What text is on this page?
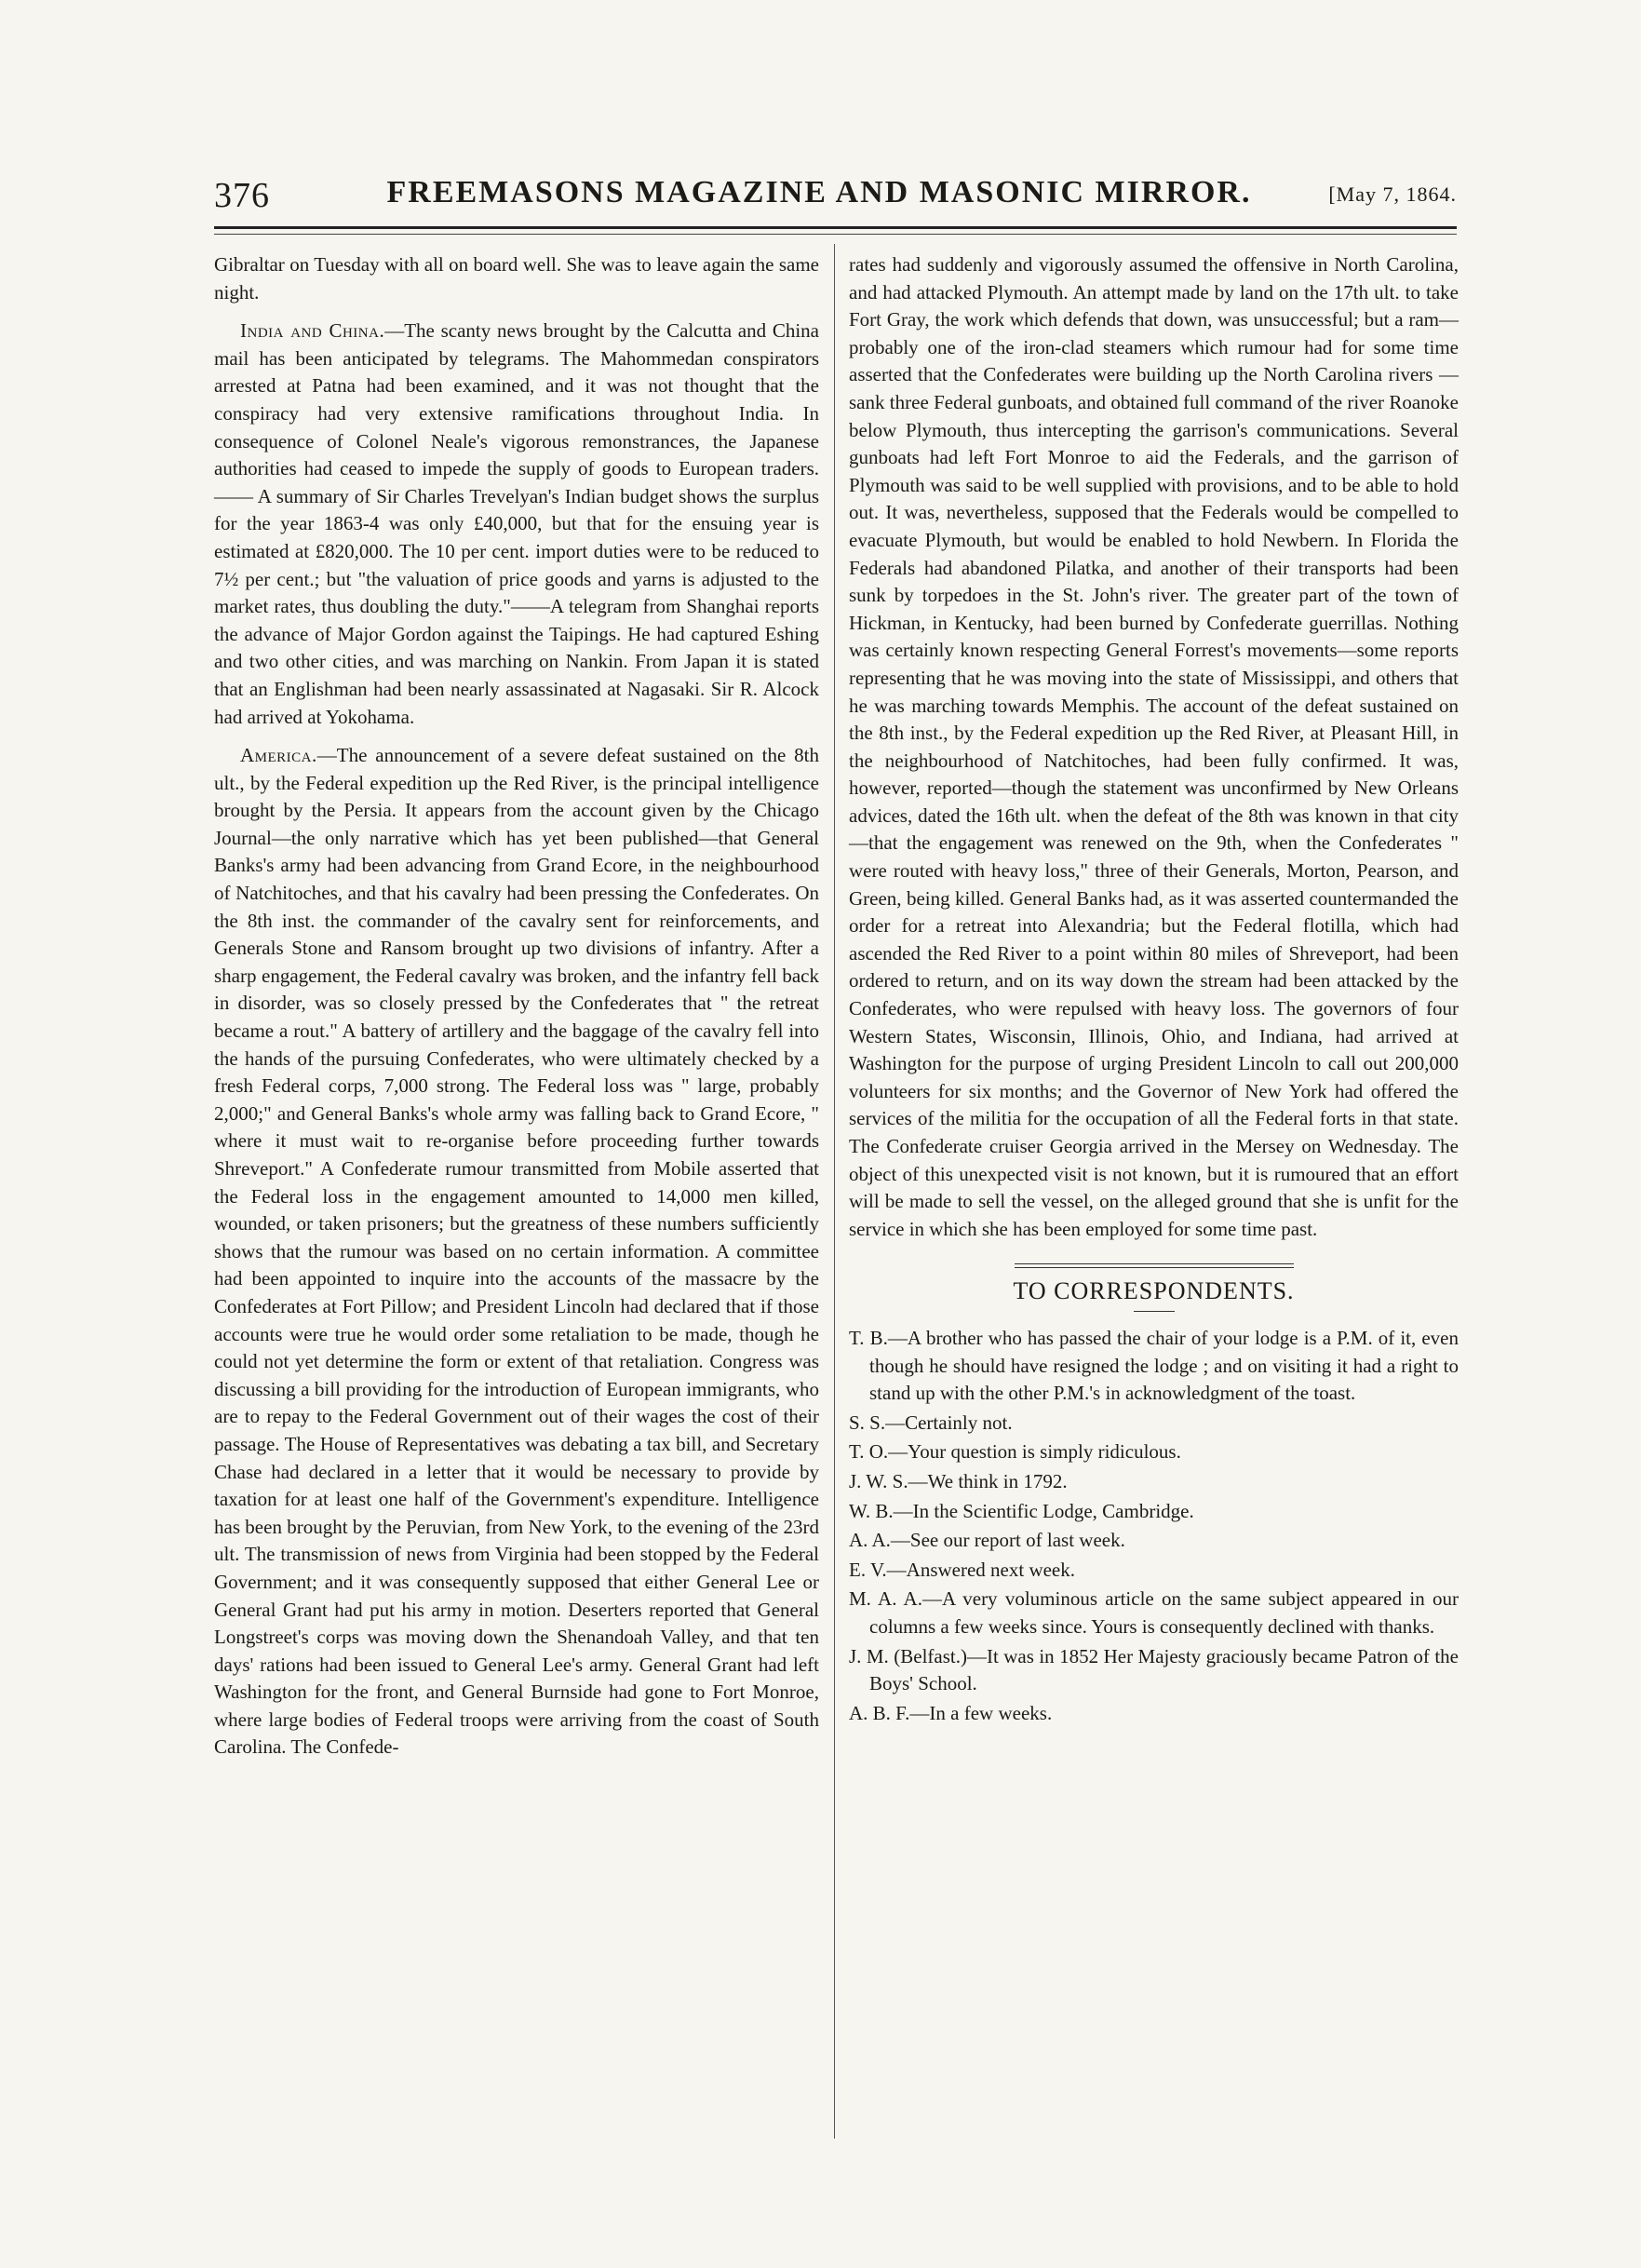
376	FREEMASONS MAGAZINE AND MASONIC MIRROR.	[May 7, 1864.

Gibraltar on Tuesday with all on board well. She was to leave again the same night.

India and China.—The scanty news brought by the Calcutta and China mail has been anticipated by telegrams. The Mahommedan conspirators arrested at Patna had been examined, and it was not thought that the conspiracy had very extensive ramifications throughout India. In consequence of Colonel Neale's vigorous remonstrances, the Japanese authorities had ceased to impede the supply of goods to European traders.—— A summary of Sir Charles Trevelyan's Indian budget shows the surplus for the year 1863-4 was only £40,000, but that for the ensuing year is estimated at £820,000. The 10 per cent. import duties were to be reduced to 7½ per cent.; but "the valuation of price goods and yarns is adjusted to the market rates, thus doubling the duty."——A telegram from Shanghai reports the advance of Major Gordon against the Taipings. He had captured Eshing and two other cities, and was marching on Nankin. From Japan it is stated that an Englishman had been nearly assassinated at Nagasaki. Sir R. Alcock had arrived at Yokohama.

America.—The announcement of a severe defeat sustained on the 8th ult., by the Federal expedition up the Red River, is the principal intelligence brought by the Persia. It appears from the account given by the Chicago Journal—the only narrative which has yet been published—that General Banks's army had been advancing from Grand Ecore, in the neighbourhood of Natchitoches, and that his cavalry had been pressing the Confederates. On the 8th inst. the commander of the cavalry sent for reinforcements, and Generals Stone and Ransom brought up two divisions of infantry. After a sharp engagement, the Federal cavalry was broken, and the infantry fell back in disorder, was so closely pressed by the Confederates that " the retreat became a rout." A battery of artillery and the baggage of the cavalry fell into the hands of the pursuing Confederates, who were ultimately checked by a fresh Federal corps, 7,000 strong. The Federal loss was " large, probably 2,000;" and General Banks's whole army was falling back to Grand Ecore, " where it must wait to re-organise before proceeding further towards Shreveport." A Confederate rumour transmitted from Mobile asserted that the Federal loss in the engagement amounted to 14,000 men killed, wounded, or taken prisoners; but the greatness of these numbers sufficiently shows that the rumour was based on no certain information. A committee had been appointed to inquire into the accounts of the massacre by the Confederates at Fort Pillow; and President Lincoln had declared that if those accounts were true he would order some retaliation to be made, though he could not yet determine the form or extent of that retaliation. Congress was discussing a bill providing for the introduction of European immigrants, who are to repay to the Federal Government out of their wages the cost of their passage. The House of Representatives was debating a tax bill, and Secretary Chase had declared in a letter that it would be necessary to provide by taxation for at least one half of the Government's expenditure. Intelligence has been brought by the Peruvian, from New York, to the evening of the 23rd ult. The transmission of news from Virginia had been stopped by the Federal Government; and it was consequently supposed that either General Lee or General Grant had put his army in motion. Deserters reported that General Longstreet's corps was moving down the Shenandoah Valley, and that ten days' rations had been issued to General Lee's army. General Grant had left Washington for the front, and General Burnside had gone to Fort Monroe, where large bodies of Federal troops were arriving from the coast of South Carolina. The Confede-

rates had suddenly and vigorously assumed the offensive in North Carolina, and had attacked Plymouth. An attempt made by land on the 17th ult. to take Fort Gray, the work which defends that down, was unsuccessful; but a ram—probably one of the iron-clad steamers which rumour had for some time asserted that the Confederates were building up the North Carolina rivers — sank three Federal gunboats, and obtained full command of the river Roanoke below Plymouth, thus intercepting the garrison's communications. Several gunboats had left Fort Monroe to aid the Federals, and the garrison of Plymouth was said to be well supplied with provisions, and to be able to hold out. It was, nevertheless, supposed that the Federals would be compelled to evacuate Plymouth, but would be enabled to hold Newbern. In Florida the Federals had abandoned Pilatka, and another of their transports had been sunk by torpedoes in the St. John's river. The greater part of the town of Hickman, in Kentucky, had been burned by Confederate guerrillas. Nothing was certainly known respecting General Forrest's movements—some reports representing that he was moving into the state of Mississippi, and others that he was marching towards Memphis. The account of the defeat sustained on the 8th inst., by the Federal expedition up the Red River, at Pleasant Hill, in the neighbourhood of Natchitoches, had been fully confirmed. It was, however, reported—though the statement was unconfirmed by New Orleans advices, dated the 16th ult. when the defeat of the 8th was known in that city—that the engagement was renewed on the 9th, when the Confederates " were routed with heavy loss," three of their Generals, Morton, Pearson, and Green, being killed. General Banks had, as it was asserted countermanded the order for a retreat into Alexandria; but the Federal flotilla, which had ascended the Red River to a point within 80 miles of Shreveport, had been ordered to return, and on its way down the stream had been attacked by the Confederates, who were repulsed with heavy loss. The governors of four Western States, Wisconsin, Illinois, Ohio, and Indiana, had arrived at Washington for the purpose of urging President Lincoln to call out 200,000 volunteers for six months; and the Governor of New York had offered the services of the militia for the occupation of all the Federal forts in that state. The Confederate cruiser Georgia arrived in the Mersey on Wednesday. The object of this unexpected visit is not known, but it is rumoured that an effort will be made to sell the vessel, on the alleged ground that she is unfit for the service in which she has been employed for some time past.

TO CORRESPONDENTS.
T. B.—A brother who has passed the chair of your lodge is a P.M. of it, even though he should have resigned the lodge ; and on visiting it had a right to stand up with the other P.M.'s in acknowledgment of the toast.
S. S.—Certainly not.
T. O.—Your question is simply ridiculous.
J. W. S.—We think in 1792.
W. B.—In the Scientific Lodge, Cambridge.
A. A.—See our report of last week.
E. V.—Answered next week.
M. A. A.—A very voluminous article on the same subject appeared in our columns a few weeks since. Yours is consequently declined with thanks.
J. M. (Belfast.)—It was in 1852 Her Majesty graciously became Patron of the Boys' School.
A. B. F.—In a few weeks.
